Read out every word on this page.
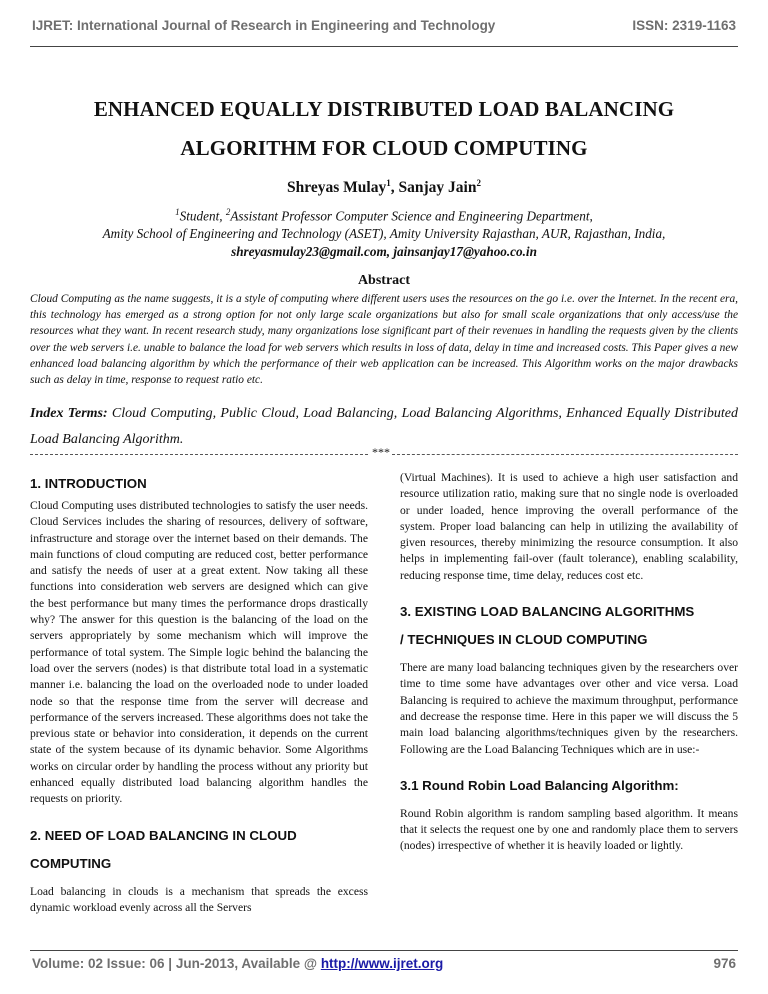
IJRET: International Journal of Research in Engineering and Technology	ISSN: 2319-1163
ENHANCED EQUALLY DISTRIBUTED LOAD BALANCING
ALGORITHM FOR CLOUD COMPUTING
Shreyas Mulay$^1$, Sanjay Jain$^2$
$^1$Student, $^2$Assistant Professor Computer Science and Engineering Department,
Amity School of Engineering and Technology (ASET), Amity University Rajasthan, AUR, Rajasthan, India,
shreyasmulay23@gmail.com, jainsanjay17@yahoo.co.in
Abstract
Cloud Computing as the name suggests, it is a style of computing where different users uses the resources on the go i.e. over the Internet. In the recent era, this technology has emerged as a strong option for not only large scale organizations but also for small scale organizations that only access/use the resources what they want. In recent research study, many organizations lose significant part of their revenues in handling the requests given by the clients over the web servers i.e. unable to balance the load for web servers which results in loss of data, delay in time and increased costs. This Paper gives a new enhanced load balancing algorithm by which the performance of their web application can be increased. This Algorithm works on the major drawbacks such as delay in time, response to request ratio etc.
Index Terms: Cloud Computing, Public Cloud, Load Balancing, Load Balancing Algorithms, Enhanced Equally Distributed Load Balancing Algorithm.
***
1. INTRODUCTION

Cloud Computing uses distributed technologies to satisfy the user needs. Cloud Services includes the sharing of resources, delivery of software, infrastructure and storage over the internet based on their demands. The main functions of cloud computing are reduced cost, better performance and satisfy the needs of user at a great extent. Now taking all these functions into consideration web servers are designed which can give the best performance but many times the performance drops drastically why? The answer for this question is the balancing of the load on the servers appropriately by some mechanism which will improve the performance of total system. The Simple logic behind the balancing the load over the servers (nodes) is that distribute total load in a systematic manner i.e. balancing the load on the overloaded node to under loaded node so that the response time from the server will decrease and performance of the servers increased. These algorithms does not take the previous state or behavior into consideration, it depends on the current state of the system because of its dynamic behavior. Some Algorithms works on circular order by handling the process without any priority but enhanced equally distributed load balancing algorithm handles the requests on priority.

2. NEED OF LOAD BALANCING IN CLOUD
COMPUTING

Load balancing in clouds is a mechanism that spreads the excess dynamic workload evenly across all the Servers

(Virtual Machines). It is used to achieve a high user satisfaction and resource utilization ratio, making sure that no single node is overloaded or under loaded, hence improving the overall performance of the system. Proper load balancing can help in utilizing the availability of given resources, thereby minimizing the resource consumption. It also helps in implementing fail-over (fault tolerance), enabling scalability, reducing response time, time delay, reduces cost etc.

3. EXISTING LOAD BALANCING ALGORITHMS
/ TECHNIQUES IN CLOUD COMPUTING

There are many load balancing techniques given by the researchers over time to time some have advantages over other and vice versa. Load Balancing is required to achieve the maximum throughput, performance and decrease the response time. Here in this paper we will discuss the 5 main load balancing algorithms/techniques given by the researchers. Following are the Load Balancing Techniques which are in use:-

3.1 Round Robin Load Balancing Algorithm:

Round Robin algorithm is random sampling based algorithm. It means that it selects the request one by one and randomly place them to servers (nodes) irrespective of whether it is heavily loaded or lightly.

Volume: 02 Issue: 06 | Jun-2013, Available @ http://www.ijret.org	976
